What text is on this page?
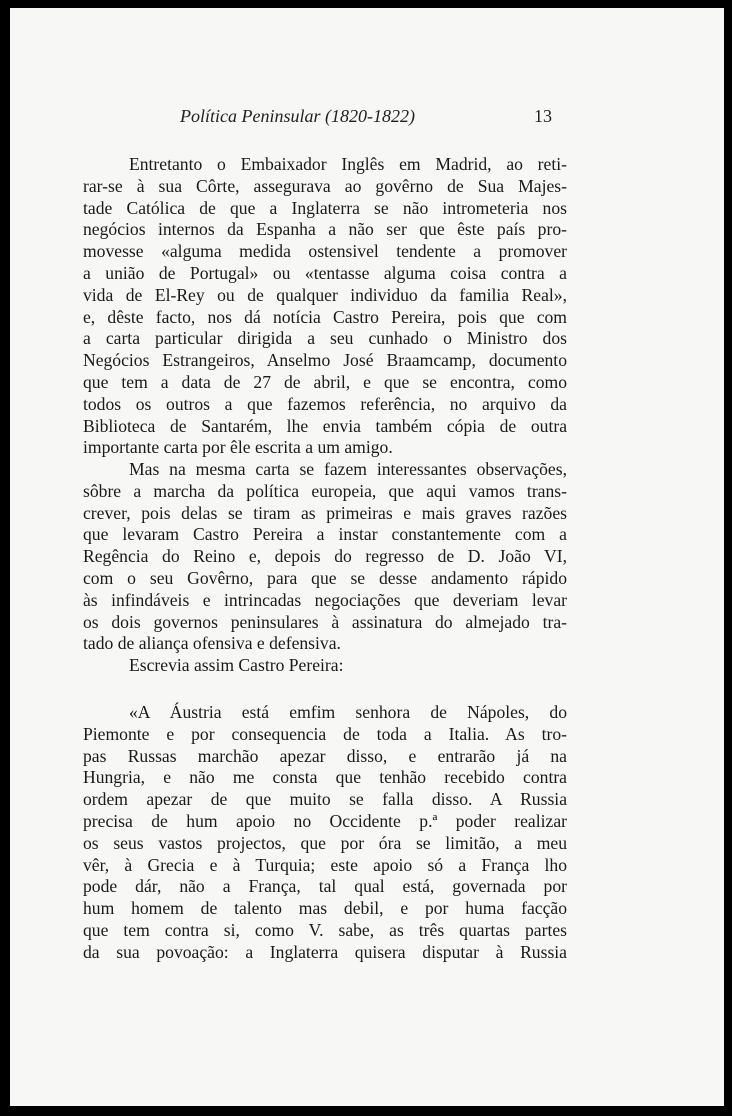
Política Peninsular (1820-1822)	13
Entretanto o Embaixador Inglês em Madrid, ao reti-
rar-se à sua Côrte, assegurava ao govêrno de Sua Majes-
tade Católica de que a Inglaterra se não intrometeria nos
negócios internos da Espanha a não ser que êste país pro-
movesse «alguma medida ostensivel tendente a promover
a união de Portugal» ou «tentasse alguma coisa contra a
vida de El-Rey ou de qualquer individuo da familia Real»,
e, dêste facto, nos dá notícia Castro Pereira, pois que com
a carta particular dirigida a seu cunhado o Ministro dos
Negócios Estrangeiros, Anselmo José Braamcamp, documento
que tem a data de 27 de abril, e que se encontra, como
todos os outros a que fazemos referência, no arquivo da
Biblioteca de Santarém, lhe envia também cópia de outra
importante carta por êle escrita a um amigo.
Mas na mesma carta se fazem interessantes observações,
sôbre a marcha da política europeia, que aqui vamos trans-
crever, pois delas se tiram as primeiras e mais graves razões
que levaram Castro Pereira a instar constantemente com a
Regência do Reino e, depois do regresso de D. João VI,
com o seu Govêrno, para que se desse andamento rápido
às infindáveis e intrincadas negociações que deveriam levar
os dois governos peninsulares à assinatura do almejado tra-
tado de aliança ofensiva e defensiva.
Escrevia assim Castro Pereira:
«A Áustria está emfim senhora de Nápoles, do
Piemonte e por consequencia de toda a Italia. As tro-
pas Russas marchão apezar disso, e entrarão já na
Hungria, e não me consta que tenhão recebido contra
ordem apezar de que muito se falla disso. A Russia
precisa de hum apoio no Occidente p.ª poder realizar
os seus vastos projectos, que por óra se limitão, a meu
vêr, à Grecia e à Turquia; este apoio só a França lho
pode dár, não a França, tal qual está, governada por
hum homem de talento mas debil, e por huma facção
que tem contra si, como V. sabe, as três quartas partes
da sua povoação: a Inglaterra quisera disputar à Russia
